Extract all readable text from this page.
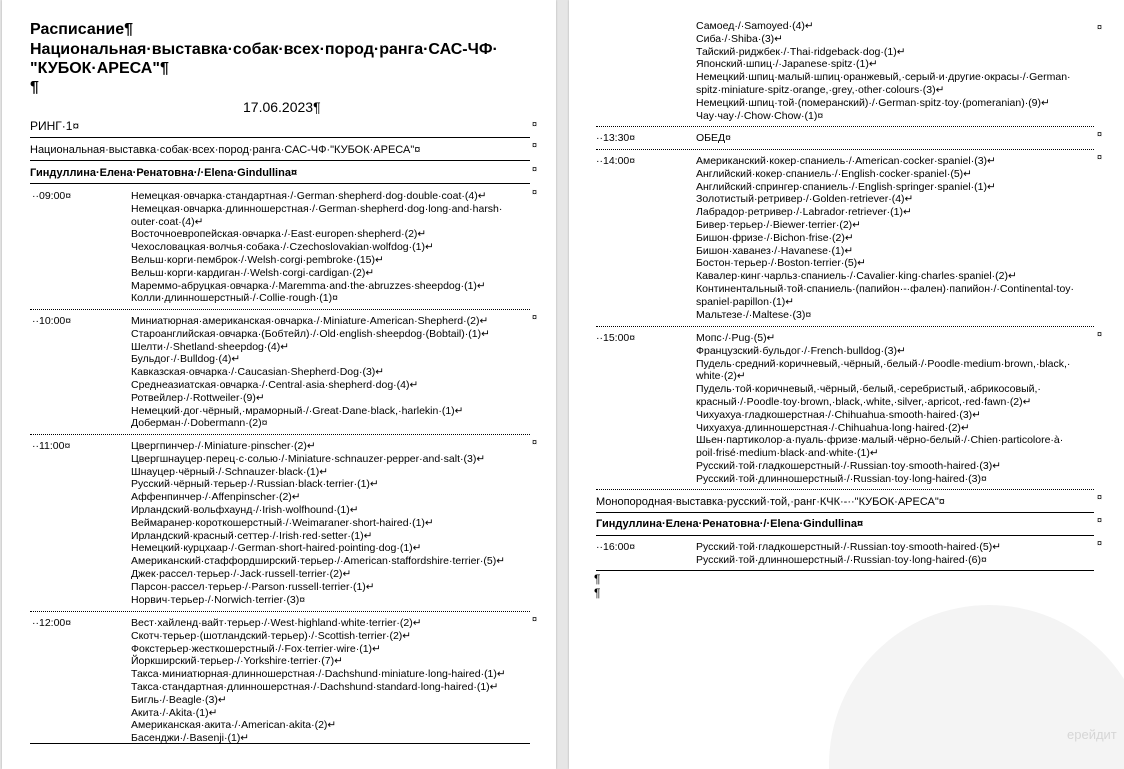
Расписание¶
Национальная·выставка·собак·всех·пород·ранга·САС-ЧФ·
"КУБОК·АРЕСА"¶
¶
17.06.2023¶
РИНГ·1¤	¤
Национальная·выставка·собак·всех·пород·ранга·САС-ЧФ·"КУБОК·АРЕСА"¤	¤
Гиндуллина·Елена·Ренатовна·/·Elena·Gindullina¤	¤
··09:00¤	Немецкая·овчарка·стандартная·/·German·shepherd·dog·double·coat·(4)↵
Немецкая·овчарка·длинношерстная·/·German·shepherd·dog·long·and·harsh·
outer·coat·(4)↵
Восточноевропейская·овчарка·/·East·europen·shepherd·(2)↵
Чехословацкая·волчья·собака·/·Czechoslovakian·wolfdog·(1)↵
Вельш·корги·пемброк·/·Welsh·corgi·pembroke·(15)↵
Вельш·корги·кардиган·/·Welsh·corgi·cardigan·(2)↵
Мареммо-абруцкая·овчарка·/·Maremma·and·the·abruzzes·sheepdog·(1)↵
Колли·длинношерстный·/·Collie·rough·(1)¤
¤
··10:00¤	Миниатюрная·американская·овчарка·/·Miniature·American·Shepherd·(2)↵
Староанглийская·овчарка·(Бобтейл)·/·Old·english·sheepdog·(Bobtail)·(1)↵
Шелти·/·Shetland·sheepdog·(4)↵
Бульдог·/·Bulldog·(4)↵
Кавказская·овчарка·/·Caucasian·Shepherd·Dog·(3)↵
Среднеазиатская·овчарка·/·Central·asia·shepherd·dog·(4)↵
Ротвейлер·/·Rottweiler·(9)↵
Немецкий·дог·чёрный,·мраморный·/·Great·Dane·black,·harlekin·(1)↵
Доберман·/·Dobermann·(2)¤
¤
··11:00¤	Цвергпинчер·/·Miniature·pinscher·(2)↵
Цвергшнауцер·перец·с·солью·/·Miniature·schnauzer·pepper·and·salt·(3)↵
Шнауцер·чёрный·/·Schnauzer·black·(1)↵
Русский·чёрный·терьер·/·Russian·black·terrier·(1)↵
Аффенпинчер·/·Affenpinscher·(2)↵
Ирландский·вольфхаунд·/·Irish·wolfhound·(1)↵
Веймаранер·короткошерстный·/·Weimaraner·short-haired·(1)↵
Ирландский·красный·сеттер·/·Irish·red·setter·(1)↵
Немецкий·курцхаар·/·German·short-haired·pointing·dog·(1)↵
Американский·стаффордширский·терьер·/·American·staffordshire·terrier·(5)↵
Джек·рассел·терьер·/·Jack·russell·terrier·(2)↵
Парсон·рассел·терьер·/·Parson·russell·terrier·(1)↵
Норвич·терьер·/·Norwich·terrier·(3)¤
¤
··12:00¤	Вест·хайленд·вайт·терьер·/·West·highland·white·terrier·(2)↵
Скотч·терьер·(шотландский·терьер)·/·Scottish·terrier·(2)↵
Фокстерьер·жесткошерстный·/·Fox·terrier·wire·(1)↵
Йоркширский·терьер·/·Yorkshire·terrier·(7)↵
Такса·миниатюрная·длинношерстная·/·Dachshund·miniature·long-haired·(1)↵
Такса·стандартная·длинношерстная·/·Dachshund·standard·long-haired·(1)↵
Бигль·/·Beagle·(3)↵
Акита·/·Akita·(1)↵
Американская·акита·/·American·akita·(2)↵
Басенджи·/·Basenji·(1)↵
¤
ерейдит
Самоед·/·Samoyed·(4)↵
Сиба·/·Shiba·(3)↵
Тайский·риджбек·/·Thai·ridgeback·dog·(1)↵
Японский·шпиц·/·Japanese·spitz·(1)↵
Немецкий·шпиц·малый·шпиц·оранжевый,·серый·и·другие·окрасы·/·German·
spitz·miniature·spitz·orange,·grey,·other·colours·(3)↵
Немецкий·шпиц·той·(померанский)·/·German·spitz·toy·(pomeranian)·(9)↵
Чау·чау·/·Chow·Chow·(1)¤
¤
··13:30¤	ОБЕД¤	¤
··14:00¤	Американский·кокер·спаниель·/·American·cocker·spaniel·(3)↵
Английский·кокер·спаниель·/·English·cocker·spaniel·(5)↵
Английский·спрингер·спаниель·/·English·springer·spaniel·(1)↵
Золотистый·ретривер·/·Golden·retriever·(4)↵
Лабрадор·ретривер·/·Labrador·retriever·(1)↵
Бивер·терьер·/·Biewer·terrier·(2)↵
Бишон·фризе·/·Bichon·frise·(2)↵
Бишон·хаванез·/·Havanese·(1)↵
Бостон·терьер·/·Boston·terrier·(5)↵
Кавалер·кинг·чарльз·спаниель·/·Cavalier·king·charles·spaniel·(2)↵
Континентальный·той·спаниель·(папийон·-·фален)·папийон·/·Continental·toy·
spaniel·papillon·(1)↵
Мальтезе·/·Maltese·(3)¤
¤
··15:00¤	Мопс·/·Pug·(5)↵
Французский·бульдог·/·French·bulldog·(3)↵
Пудель·средний·коричневый,·чёрный,·белый·/·Poodle·medium·brown,·black,·
white·(2)↵
Пудель·той·коричневый,·чёрный,·белый,·серебристый,·абрикосовый,·
красный·/·Poodle·toy·brown,·black,·white,·silver,·apricot,·red·fawn·(2)↵
Чихуахуа·гладкошерстная·/·Chihuahua·smooth·haired·(3)↵
Чихуахуа·длинношерстная·/·Chihuahua·long·haired·(2)↵
Шьен·партиколор·а·пуаль·фризе·малый·чёрно-белый·/·Chien·particolore·à·
poil·frisé·medium·black·and·white·(1)↵
Русский·той·гладкошерстный·/·Russian·toy·smooth-haired·(3)↵
Русский·той·длинношерстный·/·Russian·toy·long-haired·(3)¤
¤
Монопородная·выставка·русский·той,·ранг·КЧК·-··"КУБОК·АРЕСА"¤	¤
Гиндуллина·Елена·Ренатовна·/·Elena·Gindullina¤	¤
··16:00¤	Русский·той·гладкошерстный·/·Russian·toy·smooth-haired·(5)↵
Русский·той·длинношерстный·/·Russian·toy·long-haired·(6)¤
¤
¶
¶
